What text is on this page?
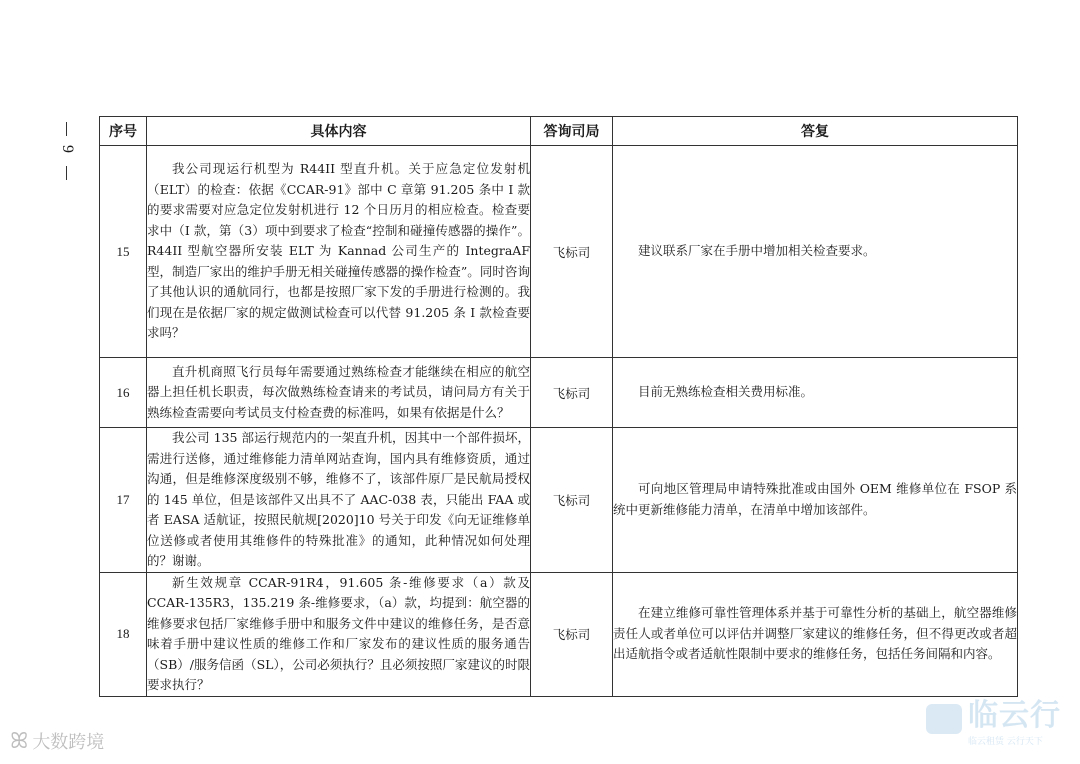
9
序号	具体内容	答询司局	答复
15	我公司现运行机型为 R44II 型直升机。关于应急定位发射机（ELT）的检查：依据《CCAR-91》部中 C 章第 91.205 条中 I 款的要求需要对应急定位发射机进行 12 个日历月的相应检查。检查要求中（I 款，第（3）项中到要求了检查“控制和碰撞传感器的操作”。R44II 型航空器所安装 ELT 为 Kannad 公司生产的 IntegraAF 型，制造厂家出的维护手册无相关碰撞传感器的操作检查”。同时咨询了其他认识的通航同行，也都是按照厂家下发的手册进行检测的。我们现在是依据厂家的规定做测试检查可以代替 91.205 条 I 款检查要求吗？	飞标司	建议联系厂家在手册中增加相关检查要求。
16	直升机商照飞行员每年需要通过熟练检查才能继续在相应的航空器上担任机长职责，每次做熟练检查请来的考试员，请问局方有关于熟练检查需要向考试员支付检查费的标准吗，如果有依据是什么？	飞标司	目前无熟练检查相关费用标准。
17	我公司 135 部运行规范内的一架直升机，因其中一个部件损坏，需进行送修，通过维修能力清单网站查询，国内具有维修资质，通过沟通，但是维修深度级别不够，维修不了，该部件原厂是民航局授权的 145 单位，但是该部件又出具不了 AAC-038 表，只能出 FAA 或者 EASA 适航证，按照民航规[2020]10 号关于印发《向无证维修单位送修或者使用其维修件的特殊批准》的通知，此种情况如何处理的？谢谢。	飞标司	可向地区管理局申请特殊批准或由国外 OEM 维修单位在 FSOP 系统中更新维修能力清单，在清单中增加该部件。
18	新生效规章 CCAR-91R4，91.605 条-维修要求（a）款及 CCAR-135R3，135.219 条-维修要求，（a）款，均提到：航空器的维修要求包括厂家维修手册中和服务文件中建议的维修任务，是否意味着手册中建议性质的维修工作和厂家发布的建议性质的服务通告（SB）/服务信函（SL），公司必须执行？且必须按照厂家建议的时限要求执行？	飞标司	在建立维修可靠性管理体系并基于可靠性分析的基础上，航空器维修责任人或者单位可以评估并调整厂家建议的维修任务，但不得更改或者超出适航指令或者适航性限制中要求的维修任务，包括任务间隔和内容。
ꕤ 大数跨境
临云行
临云租赁 云行天下
